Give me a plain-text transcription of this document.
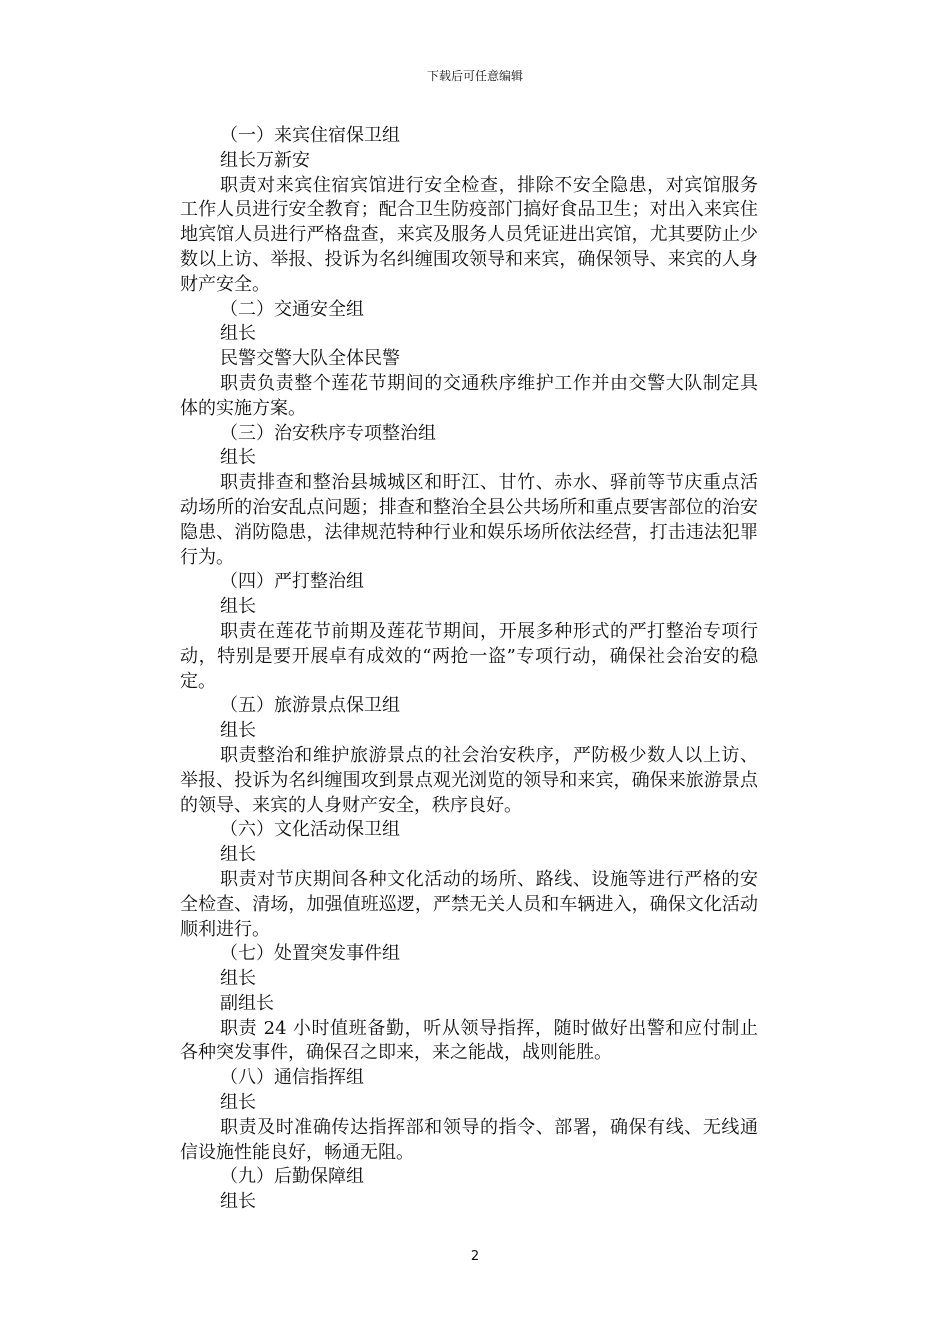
下载后可任意编辑

（一）来宾住宿保卫组

组长万新安

职责对来宾住宿宾馆进行安全检查，排除不安全隐患，对宾馆服务工作人员进行安全教育；配合卫生防疫部门搞好食品卫生；对出入来宾住地宾馆人员进行严格盘查，来宾及服务人员凭证进出宾馆，尤其要防止少数以上访、举报、投诉为名纠缠围攻领导和来宾，确保领导、来宾的人身财产安全。

（二）交通安全组

组长

民警交警大队全体民警

职责负责整个莲花节期间的交通秩序维护工作并由交警大队制定具体的实施方案。

（三）治安秩序专项整治组

组长

职责排查和整治县城城区和盱江、甘竹、赤水、驿前等节庆重点活动场所的治安乱点问题；排查和整治全县公共场所和重点要害部位的治安隐患、消防隐患，法律规范特种行业和娱乐场所依法经营，打击违法犯罪行为。

（四）严打整治组

组长

职责在莲花节前期及莲花节期间，开展多种形式的严打整治专项行动，特别是要开展卓有成效的“两抢一盗”专项行动，确保社会治安的稳定。

（五）旅游景点保卫组

组长

职责整治和维护旅游景点的社会治安秩序，严防极少数人以上访、举报、投诉为名纠缠围攻到景点观光浏览的领导和来宾，确保来旅游景点的领导、来宾的人身财产安全，秩序良好。

（六）文化活动保卫组

组长

职责对节庆期间各种文化活动的场所、路线、设施等进行严格的安全检查、清场，加强值班巡逻，严禁无关人员和车辆进入，确保文化活动顺利进行。

（七）处置突发事件组

组长

副组长

职责 24 小时值班备勤，听从领导指挥，随时做好出警和应付制止各种突发事件，确保召之即来，来之能战，战则能胜。

（八）通信指挥组

组长

职责及时准确传达指挥部和领导的指令、部署，确保有线、无线通信设施性能良好，畅通无阻。

（九）后勤保障组

组长

2
